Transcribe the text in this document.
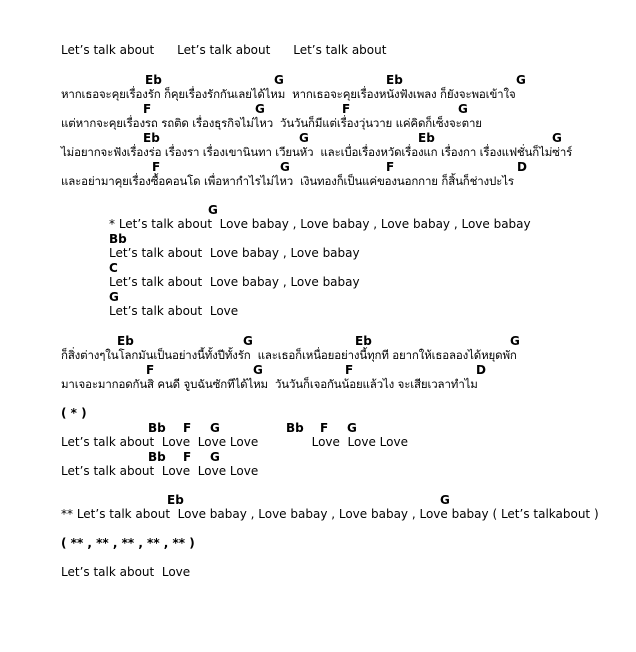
Let’s talk about      Let’s talk about      Let’s talk about
Eb	G	Eb	G
หากเธอจะคุยเรื่องรัก ก็คุยเรื่องรักกันเลยได้ไหม  หากเธอจะคุยเรื่องหนังฟังเพลง ก็ยังจะพอเข้าใจ
F	G	F	G
แต่หากจะคุยเรื่องรถ รถติด เรื่องธุรกิจไม่ไหว  วันวันก็มีแต่เรื่องวุ่นวาย แค่คิดก็เซ็งจะตาย
Eb	G	Eb	G
ไม่อยากจะฟังเรื่องร่อ เรื่องรา เรื่องเขานินทา เวียนหัว  และเบื่อเรื่องหวัดเรื่องแก เรื่องกา เรื่องแฟชั่นก็ไม่ซ่าร์
F	G	F	D
และอย่ามาคุยเรื่องซื้อคอนโด เพื่อหากำไรไม่ไหว  เงินทองก็เป็นแค่ของนอกกาย ก็สิ้นก็ช่างปะไร
G
* Let’s talk about  Love babay , Love babay , Love babay , Love babay
Bb
Let’s talk about  Love babay , Love babay
C
Let’s talk about  Love babay , Love babay
G
Let’s talk about  Love
Eb	G	Eb	G
ก็สิ่งต่างๆในโลกมันเป็นอย่างนี้ทั้งปีทั้งรัก  และเธอก็เหนื่อยอย่างนี้ทุกที อยากให้เธอลองได้หยุดพัก
F	G	F	D
มาเจอะมากอดกันสิ คนดี จูบฉันซักทีได้ไหม  วันวันก็เจอกันน้อยแล้วไง จะเสียเวลาทำไม
( * )
Bb F G	Bb F G
Let’s talk about  Love  Love Love              Love  Love Love
Bb F G
Let’s talk about  Love  Love Love
Eb	G
** Let’s talk about  Love babay , Love babay , Love babay , Love babay ( Let’s talkabout )
( ** , ** , ** , ** , ** )
Let’s talk about  Love
